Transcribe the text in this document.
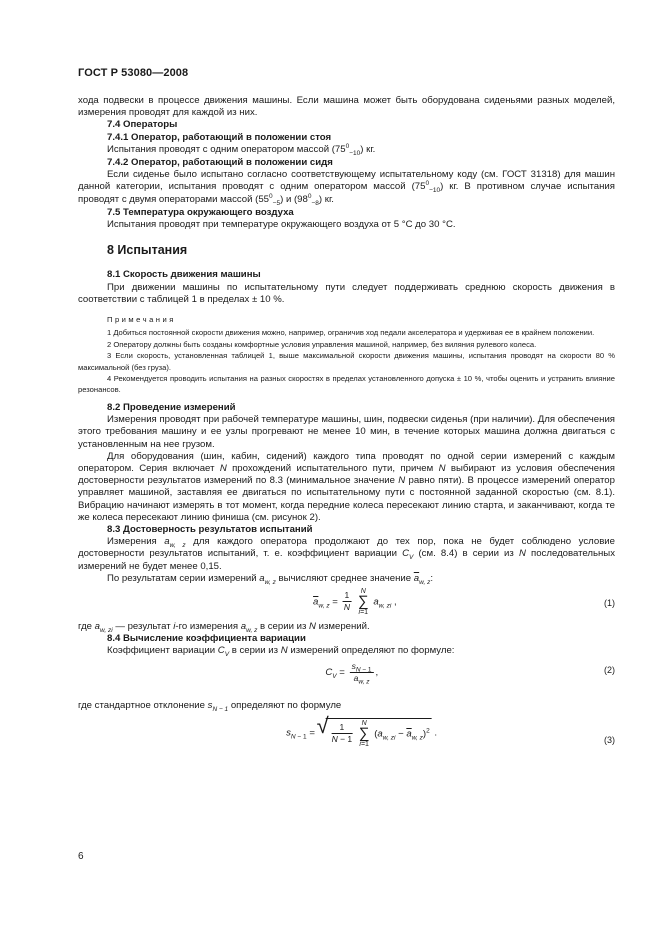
ГОСТ Р 53080—2008

хода подвески в процессе движения машины. Если машина может быть оборудована сиденьями разных моделей, измерения проводят для каждой из них.

7.4 Операторы

7.4.1 Оператор, работающий в положении стоя

Испытания проводят с одним оператором массой $(75^0_{-10})$ кг.

7.4.2 Оператор, работающий в положении сидя

Если сиденье было испытано согласно соответствующему испытательному коду (см. ГОСТ 31318) для машин данной категории, испытания проводят с одним оператором массой $(75^0_{-10})$ кг. В противном случае испытания проводят с двумя операторами массой $(55^0_{-5})$ и $(98^0_{-8})$ кг.

7.5 Температура окружающего воздуха

Испытания проводят при температуре окружающего воздуха от 5 °С до 30 °С.

8 Испытания

8.1 Скорость движения машины

При движении машины по испытательному пути следует поддерживать среднюю скорость движения в соответствии с таблицей 1 в пределах ± 10 %.

Примечания

1 Добиться постоянной скорости движения можно, например, ограничив ход педали акселератора и удерживая ее в крайнем положении.

2 Оператору должны быть созданы комфортные условия управления машиной, например, без виляния рулевого колеса.

3 Если скорость, установленная таблицей 1, выше максимальной скорости движения машины, испытания проводят на скорости 80 % максимальной (без груза).

4 Рекомендуется проводить испытания на разных скоростях в пределах установленного допуска ± 10 %, чтобы оценить и устранить влияние резонансов.

8.2 Проведение измерений

Измерения проводят при рабочей температуре машины, шин, подвески сиденья (при наличии). Для обеспечения этого требования машину и ее узлы прогревают не менее 10 мин, в течение которых машина должна двигаться с установленным на нее грузом.

Для оборудования (шин, кабин, сидений) каждого типа проводят по одной серии измерений с каждым оператором. Серия включает N прохождений испытательного пути, причем N выбирают из условия обеспечения достоверности результатов измерений по 8.3 (минимальное значение N равно пяти). В процессе измерений оператор управляет машиной, заставляя ее двигаться по испытательному пути с постоянной заданной скоростью (см. 8.1). Вибрацию начинают измерять в тот момент, когда передние колеса пересекают линию старта, и заканчивают, когда те же колеса пересекают линию финиша (см. рисунок 2).

8.3 Достоверность результатов испытаний

Измерения $a_{w, z}$ для каждого оператора продолжают до тех пор, пока не будет соблюдено условие достоверности результатов испытаний, т. е. коэффициент вариации $C_V$ (см. 8.4) в серии из N последовательных измерений не будет менее 0,15.

По результатам серии измерений $a_{w, z}$ вычисляют среднее значение $\overline{a}_{w, z}$:

$\overline{a}_{w, z} = \frac{1}{N}$ N
∑
i=1 $a_{w, zi}$ ,	(1)

где $a_{w, zi}$ — результат i-го измерения $a_{w, z}$ в серии из N измерений.

8.4 Вычисление коэффициента вариации

Коэффициент вариации $C_V$ в серии из N измерений определяют по формуле:

$C_V = \frac{s_{N - 1}}{\overline{a}_{w, z}}$ ,	(2)

где стандартное отклонение $s_{N - 1}$ определяют по формуле

$s_{N - 1}$ = √ $\frac{1}{N - 1}$ N
∑
i=1 $(a_{w, zi} - \overline{a}_{w, z})^2$ .
(3)
6
